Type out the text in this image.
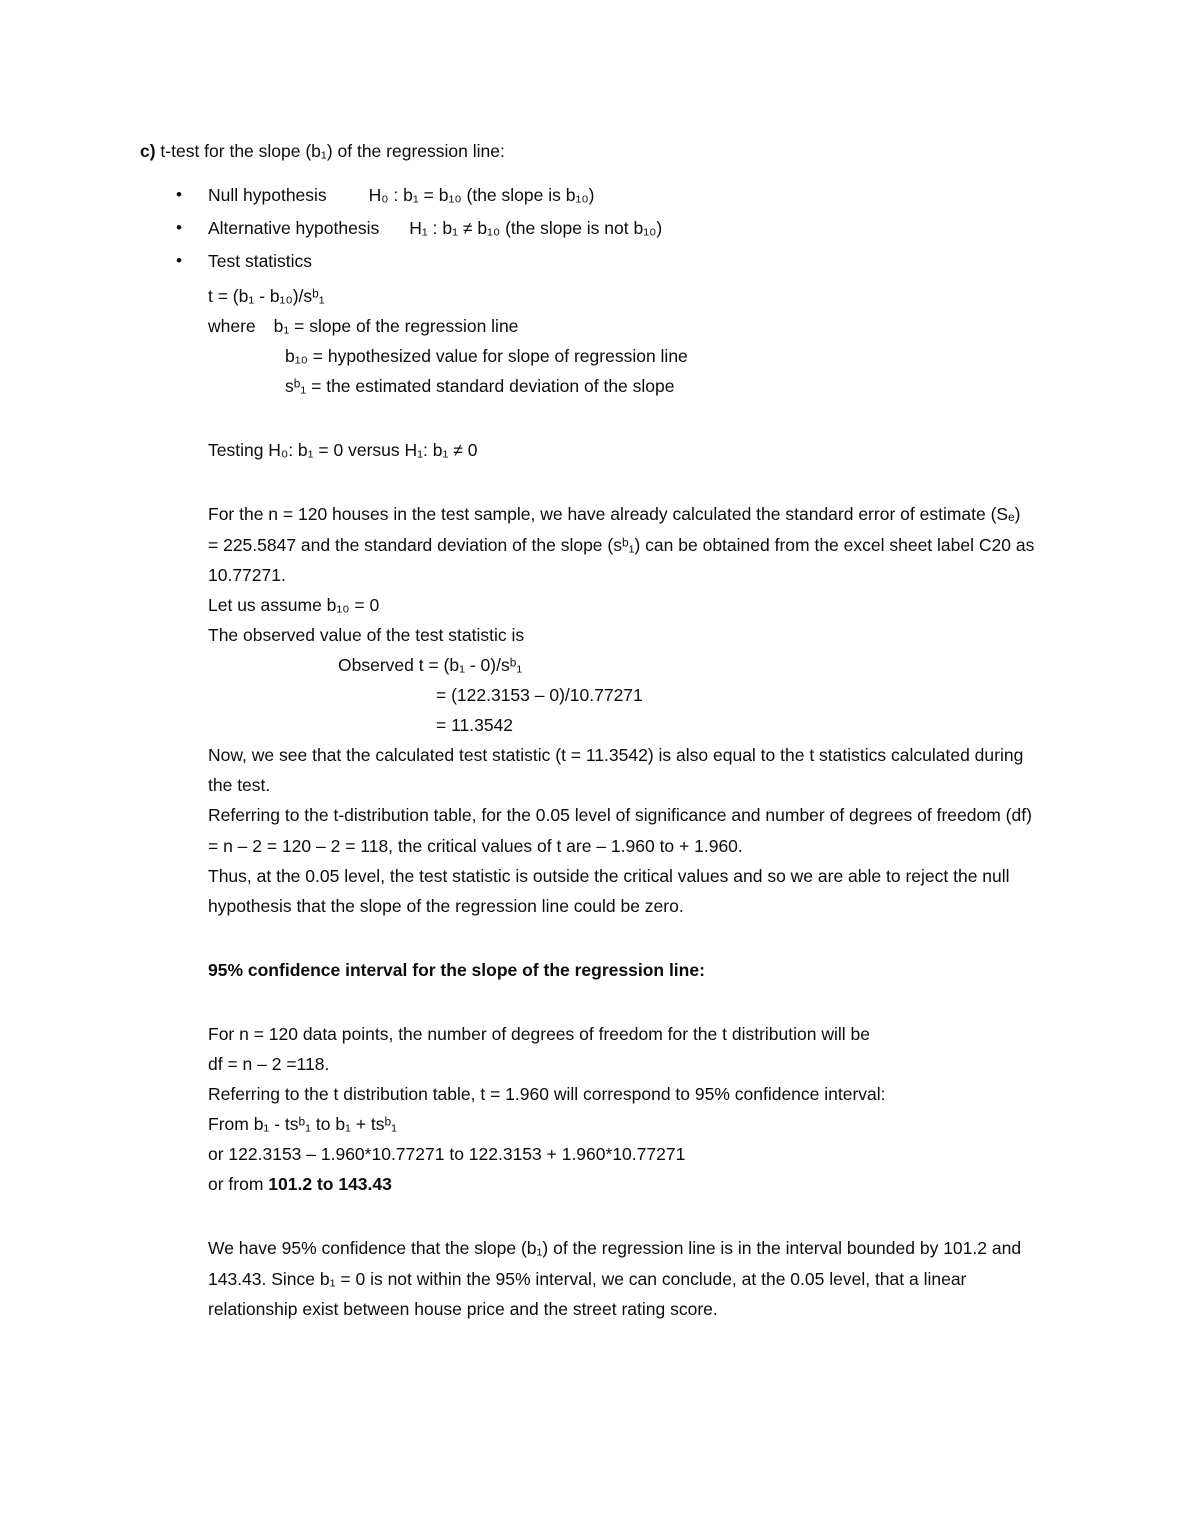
c) t-test for the slope (b₁) of the regression line:

• Null hypothesis H₀ : b₁ = b₁₀ (the slope is b₁₀)
• Alternative hypothesis H₁ : b₁ ≠ b₁₀ (the slope is not b₁₀)
• Test statistics
t = (b₁ - b₁₀)/sᵇ₁
where b₁ = slope of the regression line
b₁₀ = hypothesized value for slope of regression line
sᵇ₁ = the estimated standard deviation of the slope
Testing H₀: b₁ = 0 versus H₁: b₁ ≠ 0
For the n = 120 houses in the test sample, we have already calculated the standard error of estimate (Sₑ) = 225.5847 and the standard deviation of the slope (sᵇ₁) can be obtained from the excel sheet label C20 as 10.77271.
Let us assume b₁₀ = 0
The observed value of the test statistic is
Observed t = (b₁ - 0)/sᵇ₁
= (122.3153 – 0)/10.77271
= 11.3542
Now, we see that the calculated test statistic (t = 11.3542) is also equal to the t statistics calculated during the test.
Referring to the t-distribution table, for the 0.05 level of significance and number of degrees of freedom (df) = n – 2 = 120 – 2 = 118, the critical values of t are – 1.960 to + 1.960.
Thus, at the 0.05 level, the test statistic is outside the critical values and so we are able to reject the null hypothesis that the slope of the regression line could be zero.
95% confidence interval for the slope of the regression line:
For n = 120 data points, the number of degrees of freedom for the t distribution will be
df = n – 2 =118.
Referring to the t distribution table, t = 1.960 will correspond to 95% confidence interval:
From b₁ - tsᵇ₁ to b₁ + tsᵇ₁
or 122.3153 – 1.960*10.77271 to 122.3153 + 1.960*10.77271
or from 101.2 to 143.43
We have 95% confidence that the slope (b₁) of the regression line is in the interval bounded by 101.2 and 143.43. Since b₁ = 0 is not within the 95% interval, we can conclude, at the 0.05 level, that a linear relationship exist between house price and the street rating score.
